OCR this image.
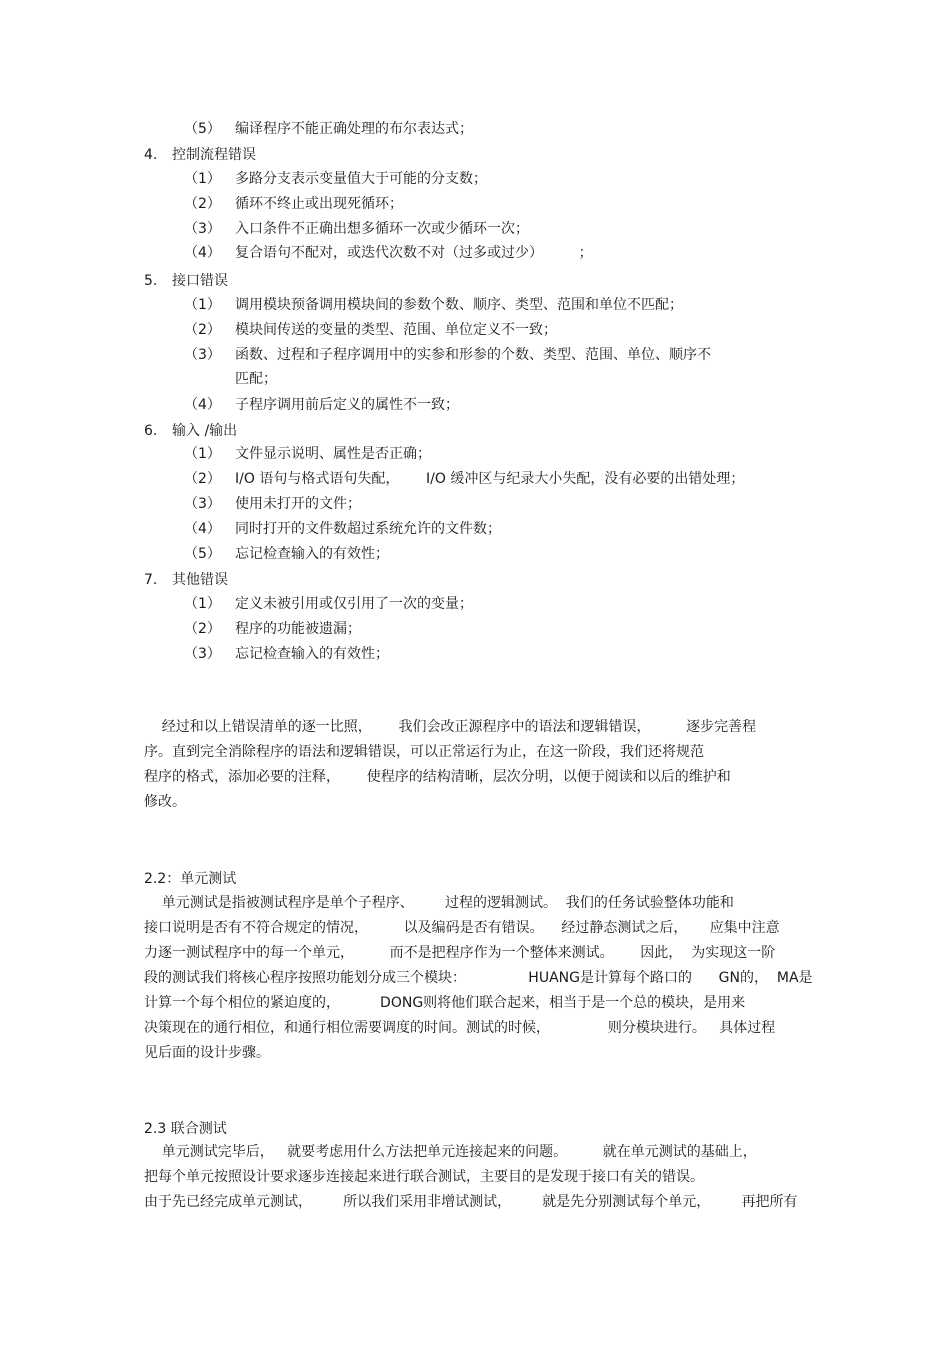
（5） 编译程序不能正确处理的布尔表达式；
4. 控制流程错误
（1） 多路分支表示变量值大于可能的分支数；
（2） 循环不终止或出现死循环；
（3） 入口条件不正确出想多循环一次或少循环一次；
（4） 复合语句不配对，或迭代次数不对（过多或过少）        ；
5. 接口错误
（1） 调用模块预备调用模块间的参数个数、顺序、类型、范围和单位不匹配；
（2） 模块间传送的变量的类型、范围、单位定义不一致；
（3） 函数、过程和子程序调用中的实参和形参的个数、类型、范围、单位、顺序不
匹配；
（4） 子程序调用前后定义的属性不一致；
6. 输入 /输出
（1） 文件显示说明、属性是否正确；
（2） I/O 语句与格式语句失配，      I/O 缓冲区与纪录大小失配，没有必要的出错处理；
（3） 使用未打开的文件；
（4） 同时打开的文件数超过系统允许的文件数；
（5） 忘记检查输入的有效性；
7. 其他错误
（1） 定义未被引用或仅引用了一次的变量；
（2） 程序的功能被遗漏；
（3） 忘记检查输入的有效性；
经过和以上错误清单的逐一比照，      我们会改正源程序中的语法和逻辑错误，        逐步完善程
序。直到完全消除程序的语法和逻辑错误，可以正常运行为止，在这一阶段，我们还将规范
程序的格式，添加必要的注释，      使程序的结构清晰，层次分明，以便于阅读和以后的维护和
修改。
2.2：单元测试
单元测试是指被测试程序是单个子程序、       过程的逻辑测试。  我们的任务试验整体功能和
接口说明是否有不符合规定的情况，        以及编码是否有错误。    经过静态测试之后，     应集中注意
力逐一测试程序中的每一个单元，        而不是把程序作为一个整体来测试。      因此，  为实现这一阶
段的测试我们将核心程序按照功能划分成三个模块：              HUANG是计算每个路口的      GN的，  MA是
计算一个每个相位的紧迫度的，         DONG则将他们联合起来，相当于是一个总的模块，是用来
决策现在的通行相位，和通行相位需要调度的时间。测试的时候，             则分模块进行。   具体过程
见后面的设计步骤。
2.3 联合测试
单元测试完毕后，   就要考虑用什么方法把单元连接起来的问题。        就在单元测试的基础上，
把每个单元按照设计要求逐步连接起来进行联合测试，主要目的是发现于接口有关的错误。
由于先已经完成单元测试，       所以我们采用非增试测试，       就是先分别测试每个单元，       再把所有
